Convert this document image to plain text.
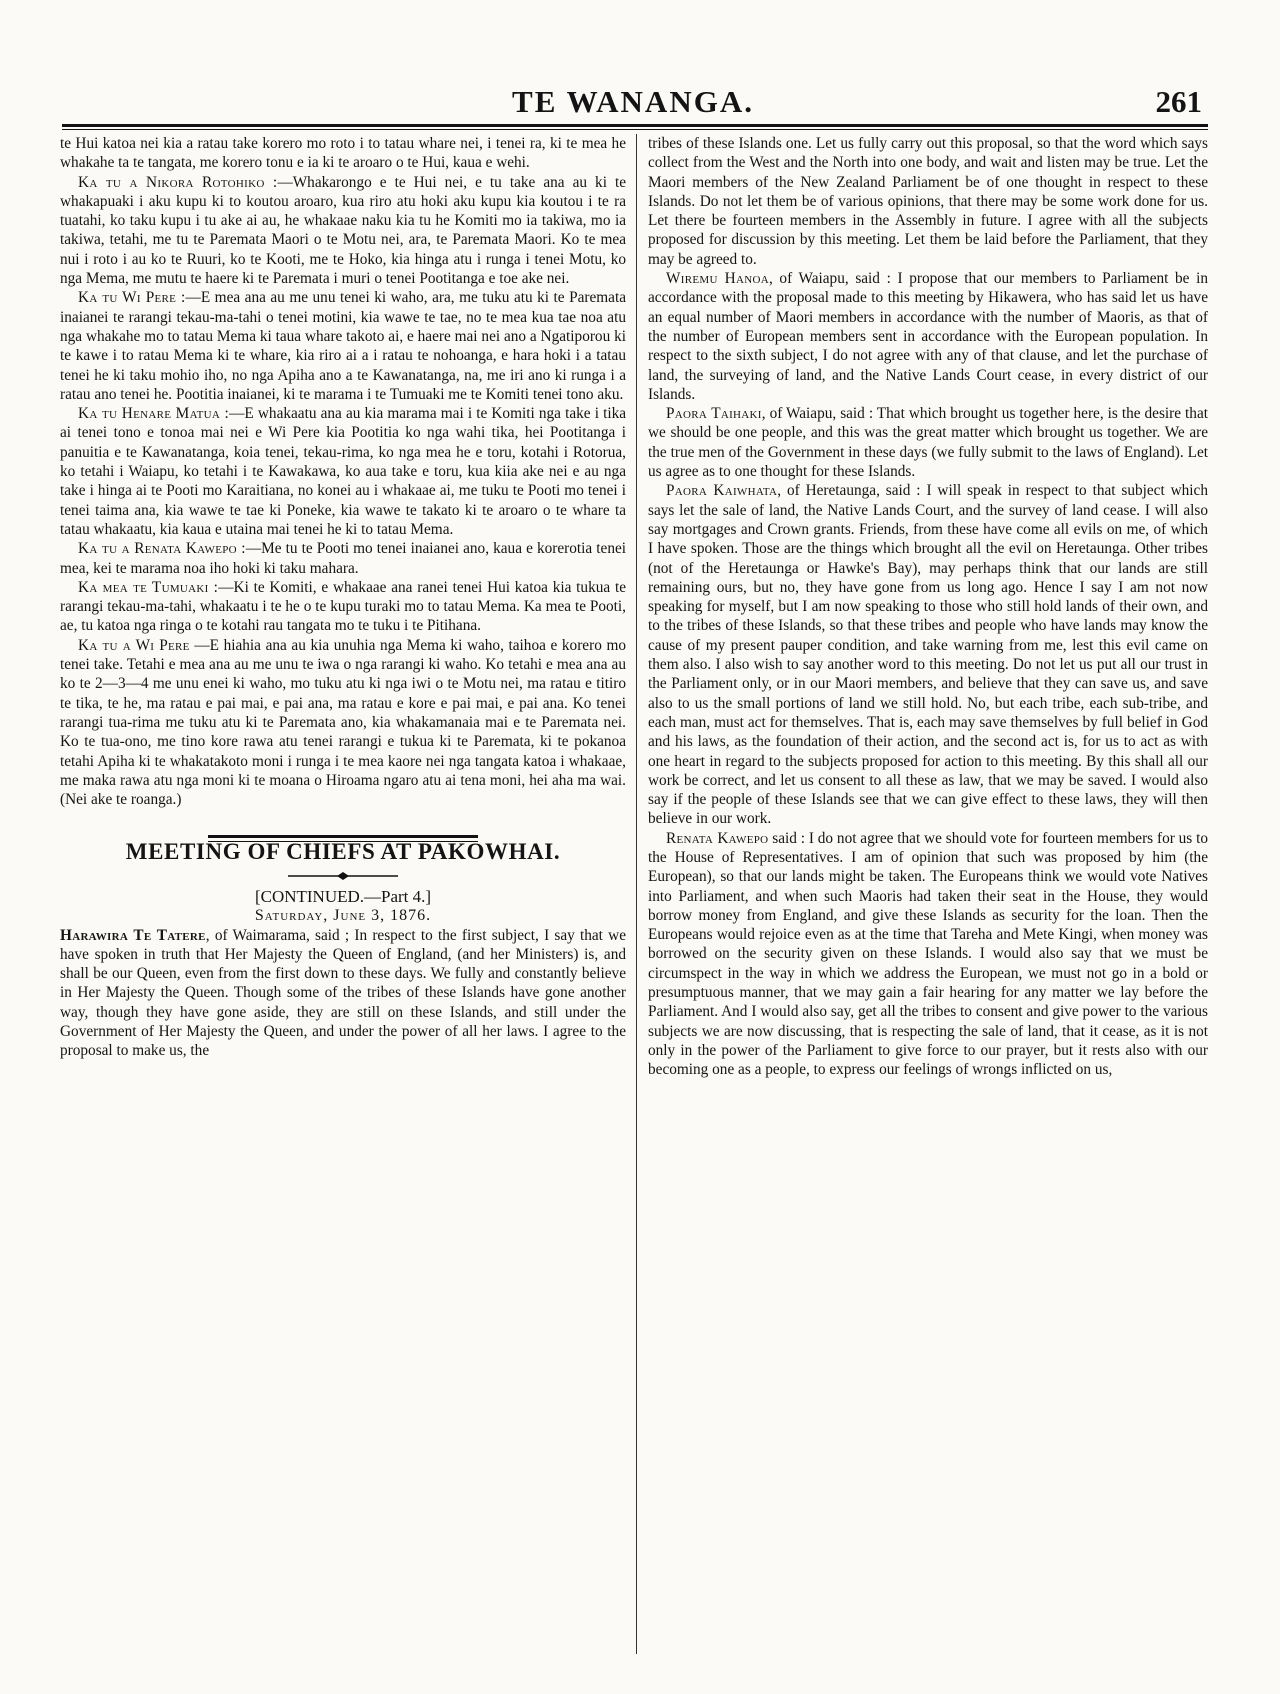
TE WANANGA.	261

te Hui katoa nei kia a ratau take korero mo roto i to tatau whare nei, i tenei ra, ki te mea he whakahe ta te tangata, me korero tonu e ia ki te aroaro o te Hui, kaua e wehi.

Ka tu a Nikora Rotohiko :—Whakarongo e te Hui nei, e tu take ana au ki te whakapuaki i aku kupu ki to koutou aroaro, kua riro atu hoki aku kupu kia koutou i te ra tuatahi, ko taku kupu i tu ake ai au, he whakaae naku kia tu he Komiti mo ia takiwa, mo ia takiwa, tetahi, me tu te Paremata Maori o te Motu nei, ara, te Paremata Maori. Ko te mea nui i roto i au ko te Ruuri, ko te Kooti, me te Hoko, kia hinga atu i runga i tenei Motu, ko nga Mema, me mutu te haere ki te Paremata i muri o tenei Pootitanga e toe ake nei.

Ka tu Wi Pere :—E mea ana au me unu tenei ki waho, ara, me tuku atu ki te Paremata inaianei te rarangi tekau-ma-tahi o tenei motini, kia wawe te tae, no te mea kua tae noa atu nga whakahe mo to tatau Mema ki taua whare takoto ai, e haere mai nei ano a Ngatiporou ki te kawe i to ratau Mema ki te whare, kia riro ai a i ratau te nohoanga, e hara hoki i a tatau tenei he ki taku mohio iho, no nga Apiha ano a te Kawanatanga, na, me iri ano ki runga i a ratau ano tenei he. Pootitia inaianei, ki te marama i te Tumuaki me te Komiti tenei tono aku.

Ka tu Henare Matua :—E whakaatu ana au kia marama mai i te Komiti nga take i tika ai tenei tono e tonoa mai nei e Wi Pere kia Pootitia ko nga wahi tika, hei Pootitanga i panuitia e te Kawanatanga, koia tenei, tekau-rima, ko nga mea he e toru, kotahi i Rotorua, ko tetahi i Waiapu, ko tetahi i te Kawakawa, ko aua take e toru, kua kiia ake nei e au nga take i hinga ai te Pooti mo Karaitiana, no konei au i whakaae ai, me tuku te Pooti mo tenei i tenei taima ana, kia wawe te tae ki Poneke, kia wawe te takato ki te aroaro o te whare ta tatau whakaatu, kia kaua e utaina mai tenei he ki to tatau Mema.

Ka tu a Renata Kawepo :—Me tu te Pooti mo tenei inaianei ano, kaua e korerotia tenei mea, kei te marama noa iho hoki ki taku mahara.

Ka mea te Tumuaki :—Ki te Komiti, e whakaae ana ranei tenei Hui katoa kia tukua te rarangi tekau-ma-tahi, whakaatu i te he o te kupu turaki mo to tatau Mema. Ka mea te Pooti, ae, tu katoa nga ringa o te kotahi rau tangata mo te tuku i te Pitihana.

Ka tu a Wi Pere —E hiahia ana au kia unuhia nga Mema ki waho, taihoa e korero mo tenei take. Tetahi e mea ana au me unu te iwa o nga rarangi ki waho. Ko tetahi e mea ana au ko te 2—3—4 me unu enei ki waho, mo tuku atu ki nga iwi o te Motu nei, ma ratau e titiro te tika, te he, ma ratau e pai mai, e pai ana, ma ratau e kore e pai mai, e pai ana. Ko tenei rarangi tua-rima me tuku atu ki te Paremata ano, kia whakamanaia mai e te Paremata nei. Ko te tua-ono, me tino kore rawa atu tenei rarangi e tukua ki te Paremata, ki te pokanoa tetahi Apiha ki te whakatakoto moni i runga i te mea kaore nei nga tangata katoa i whakaae, me maka rawa atu nga moni ki te moana o Hiroama ngaro atu ai tena moni, hei aha ma wai. (Nei ake te roanga.)

MEETING OF CHIEFS AT PAKOWHAI.

[CONTINUED.—Part 4.]

Saturday, June 3, 1876.

Harawira Te Tatere, of Waimarama, said ; In respect to the first subject, I say that we have spoken in truth that Her Majesty the Queen of England, (and her Ministers) is, and shall be our Queen, even from the first down to these days. We fully and constantly believe in Her Majesty the Queen. Though some of the tribes of these Islands have gone another way, though they have gone aside, they are still on these Islands, and still under the Government of Her Majesty the Queen, and under the power of all her laws. I agree to the proposal to make us, the

tribes of these Islands one. Let us fully carry out this proposal, so that the word which says collect from the West and the North into one body, and wait and listen may be true. Let the Maori members of the New Zealand Parliament be of one thought in respect to these Islands. Do not let them be of various opinions, that there may be some work done for us. Let there be fourteen members in the Assembly in future. I agree with all the subjects proposed for discussion by this meeting. Let them be laid before the Parliament, that they may be agreed to.

Wiremu Hanoa, of Waiapu, said : I propose that our members to Parliament be in accordance with the proposal made to this meeting by Hikawera, who has said let us have an equal number of Maori members in accordance with the number of Maoris, as that of the number of European members sent in accordance with the European population. In respect to the sixth subject, I do not agree with any of that clause, and let the purchase of land, the surveying of land, and the Native Lands Court cease, in every district of our Islands.

Paora Taihaki, of Waiapu, said : That which brought us together here, is the desire that we should be one people, and this was the great matter which brought us together. We are the true men of the Government in these days (we fully submit to the laws of England). Let us agree as to one thought for these Islands.

Paora Kaiwhata, of Heretaunga, said : I will speak in respect to that subject which says let the sale of land, the Native Lands Court, and the survey of land cease. I will also say mortgages and Crown grants. Friends, from these have come all evils on me, of which I have spoken. Those are the things which brought all the evil on Heretaunga. Other tribes (not of the Heretaunga or Hawke's Bay), may perhaps think that our lands are still remaining ours, but no, they have gone from us long ago. Hence I say I am not now speaking for myself, but I am now speaking to those who still hold lands of their own, and to the tribes of these Islands, so that these tribes and people who have lands may know the cause of my present pauper condition, and take warning from me, lest this evil came on them also. I also wish to say another word to this meeting. Do not let us put all our trust in the Parliament only, or in our Maori members, and believe that they can save us, and save also to us the small portions of land we still hold. No, but each tribe, each sub-tribe, and each man, must act for themselves. That is, each may save themselves by full belief in God and his laws, as the foundation of their action, and the second act is, for us to act as with one heart in regard to the subjects proposed for action to this meeting. By this shall all our work be correct, and let us consent to all these as law, that we may be saved. I would also say if the people of these Islands see that we can give effect to these laws, they will then believe in our work.

Renata Kawepo said : I do not agree that we should vote for fourteen members for us to the House of Representatives. I am of opinion that such was proposed by him (the European), so that our lands might be taken. The Europeans think we would vote Natives into Parliament, and when such Maoris had taken their seat in the House, they would borrow money from England, and give these Islands as security for the loan. Then the Europeans would rejoice even as at the time that Tareha and Mete Kingi, when money was borrowed on the security given on these Islands. I would also say that we must be circumspect in the way in which we address the European, we must not go in a bold or presumptuous manner, that we may gain a fair hearing for any matter we lay before the Parliament. And I would also say, get all the tribes to consent and give power to the various subjects we are now discussing, that is respecting the sale of land, that it cease, as it is not only in the power of the Parliament to give force to our prayer, but it rests also with our becoming one as a people, to express our feelings of wrongs inflicted on us,
